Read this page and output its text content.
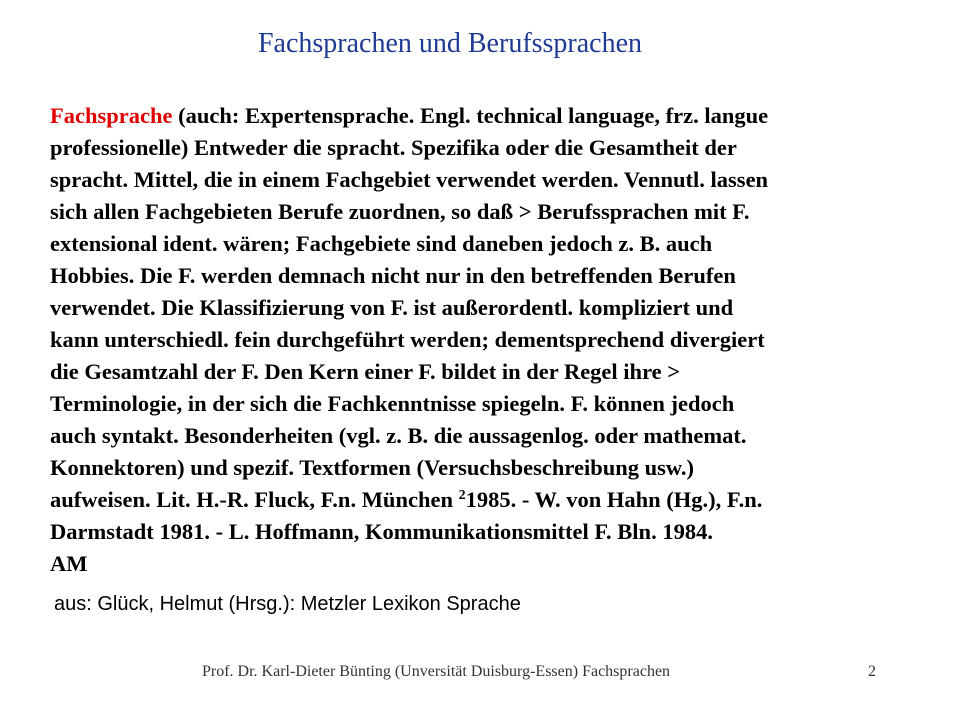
Fachsprachen und Berufssprachen
Fachsprache (auch: Expertensprache. Engl. technical language, frz. langue
professionelle) Entweder die spracht. Spezifika oder die Gesamtheit der
spracht. Mittel, die in einem Fachgebiet verwendet werden. Vennutl. lassen
sich allen Fachgebieten Berufe zuordnen, so daß > Berufssprachen mit F.
extensional ident. wären; Fachgebiete sind daneben jedoch z. B. auch
Hobbies. Die F. werden demnach nicht nur in den betreffenden Berufen
verwendet. Die Klassifizierung von F. ist außerordentl. kompliziert und
kann unterschiedl. fein durchgeführt werden; dementsprechend divergiert
die Gesamtzahl der F. Den Kern einer F. bildet in der Regel ihre >
Terminologie, in der sich die Fachkenntnisse spiegeln. F. können jedoch
auch syntakt. Besonderheiten (vgl. z. B. die aussagenlog. oder mathemat.
Konnektoren) und spezif. Textformen (Versuchsbeschreibung usw.)
aufweisen. Lit. H.-R. Fluck, F.n. München $^2$1985. - W. von Hahn (Hg.), F.n.
Darmstadt 1981. - L. Hoffmann, Kommunikationsmittel F. Bln. 1984.
AM
aus: Glück, Helmut (Hrsg.): Metzler Lexikon Sprache
Prof. Dr. Karl-Dieter Bünting (Unversität Duisburg-Essen) Fachsprachen	2
